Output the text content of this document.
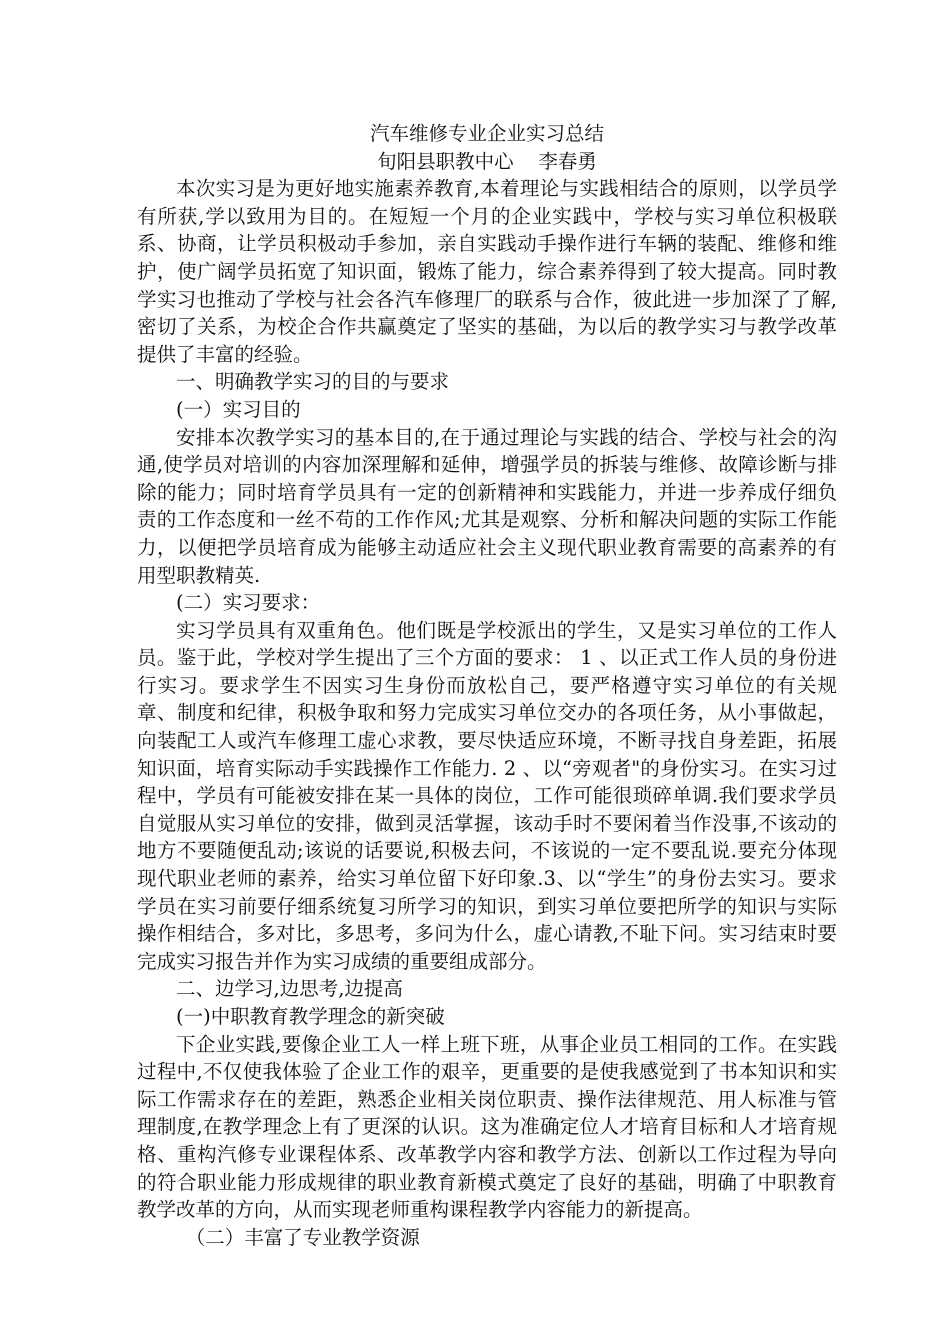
汽车维修专业企业实习总结

旬阳县职教中心    李春勇

本次实习是为更好地实施素养教育,本着理论与实践相结合的原则，以学员学有所获,学以致用为目的。在短短一个月的企业实践中，学校与实习单位积极联系、协商，让学员积极动手参加，亲自实践动手操作进行车辆的装配、维修和维护，使广阔学员拓宽了知识面，锻炼了能力，综合素养得到了较大提高。同时教学实习也推动了学校与社会各汽车修理厂的联系与合作，彼此进一步加深了了解,密切了关系，为校企合作共赢奠定了坚实的基础，为以后的教学实习与教学改革提供了丰富的经验。

一、明确教学实习的目的与要求

(一）实习目的

安排本次教学实习的基本目的,在于通过理论与实践的结合、学校与社会的沟通,使学员对培训的内容加深理解和延伸，增强学员的拆装与维修、故障诊断与排除的能力；同时培育学员具有一定的创新精神和实践能力，并进一步养成仔细负责的工作态度和一丝不苟的工作作风;尤其是观察、分析和解决问题的实际工作能力，以便把学员培育成为能够主动适应社会主义现代职业教育需要的高素养的有用型职教精英.

(二）实习要求：

实习学员具有双重角色。他们既是学校派出的学生，又是实习单位的工作人员。鉴于此，学校对学生提出了三个方面的要求： 1 、以正式工作人员的身份进行实习。要求学生不因实习生身份而放松自己，要严格遵守实习单位的有关规章、制度和纪律，积极争取和努力完成实习单位交办的各项任务，从小事做起，向装配工人或汽车修理工虚心求教，要尽快适应环境，不断寻找自身差距，拓展知识面，培育实际动手实践操作工作能力. 2 、以“旁观者"的身份实习。在实习过程中，学员有可能被安排在某一具体的岗位，工作可能很琐碎单调.我们要求学员自觉服从实习单位的安排，做到灵活掌握，该动手时不要闲着当作没事,不该动的地方不要随便乱动;该说的话要说,积极去问，不该说的一定不要乱说.要充分体现现代职业老师的素养，给实习单位留下好印象.3、以“学生”的身份去实习。要求学员在实习前要仔细系统复习所学习的知识，到实习单位要把所学的知识与实际操作相结合，多对比，多思考，多问为什么，虚心请教,不耻下问。实习结束时要完成实习报告并作为实习成绩的重要组成部分。

二、边学习,边思考,边提高

(一)中职教育教学理念的新突破

下企业实践,要像企业工人一样上班下班，从事企业员工相同的工作。在实践过程中,不仅使我体验了企业工作的艰辛，更重要的是使我感觉到了书本知识和实际工作需求存在的差距，熟悉企业相关岗位职责、操作法律规范、用人标准与管理制度,在教学理念上有了更深的认识。这为准确定位人才培育目标和人才培育规格、重构汽修专业课程体系、改革教学内容和教学方法、创新以工作过程为导向的符合职业能力形成规律的职业教育新模式奠定了良好的基础，明确了中职教育教学改革的方向，从而实现老师重构课程教学内容能力的新提高。

（二）丰富了专业教学资源
